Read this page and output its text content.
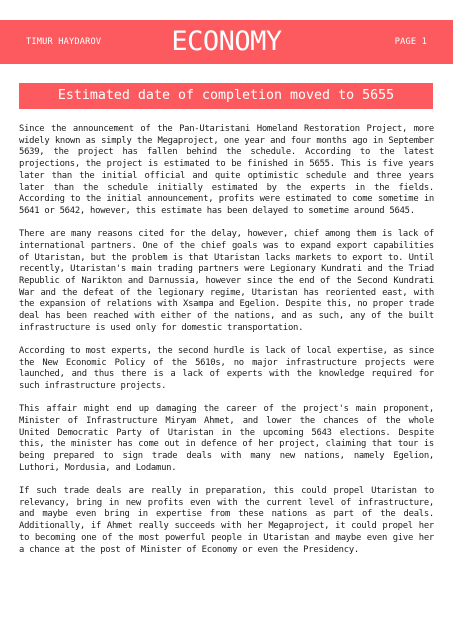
TIMUR HAYDAROV	ECONOMY	PAGE 1
Estimated date of completion moved to 5655

Since the announcement of the Pan-Utaristani Homeland Restoration Project, more widely known as simply the Megaproject, one year and four months ago in September 5639, the project has fallen behind the schedule. According to the latest projections, the project is estimated to be finished in 5655. This is five years later than the initial official and quite optimistic schedule and three years later than the schedule initially estimated by the experts in the fields. According to the initial announcement, profits were estimated to come sometime in 5641 or 5642, however, this estimate has been delayed to sometime around 5645.

There are many reasons cited for the delay, however, chief among them is lack of international partners. One of the chief goals was to expand export capabilities of Utaristan, but the problem is that Utaristan lacks markets to export to. Until recently, Utaristan's main trading partners were Legionary Kundrati and the Triad Republic of Narikton and Darnussia, however since the end of the Second Kundrati War and the defeat of the legionary regime, Utaristan has reoriented east, with the expansion of relations with Xsampa and Egelion. Despite this, no proper trade deal has been reached with either of the nations, and as such, any of the built infrastructure is used only for domestic transportation.

According to most experts, the second hurdle is lack of local expertise, as since the New Economic Policy of the 5610s, no major infrastructure projects were launched, and thus there is a lack of experts with the knowledge required for such infrastructure projects.

This affair might end up damaging the career of the project's main proponent, Minister of Infrastructure Miryam Ahmet, and lower the chances of the whole United Democratic Party of Utaristan in the upcoming 5643 elections. Despite this, the minister has come out in defence of her project, claiming that tour is being prepared to sign trade deals with many new nations, namely Egelion, Luthori, Mordusia, and Lodamun.

If such trade deals are really in preparation, this could propel Utaristan to relevancy, bring in new profits even with the current level of infrastructure, and maybe even bring in expertise from these nations as part of the deals. Additionally, if Ahmet really succeeds with her Megaproject, it could propel her to becoming one of the most powerful people in Utaristan and maybe even give her a chance at the post of Minister of Economy or even the Presidency.
